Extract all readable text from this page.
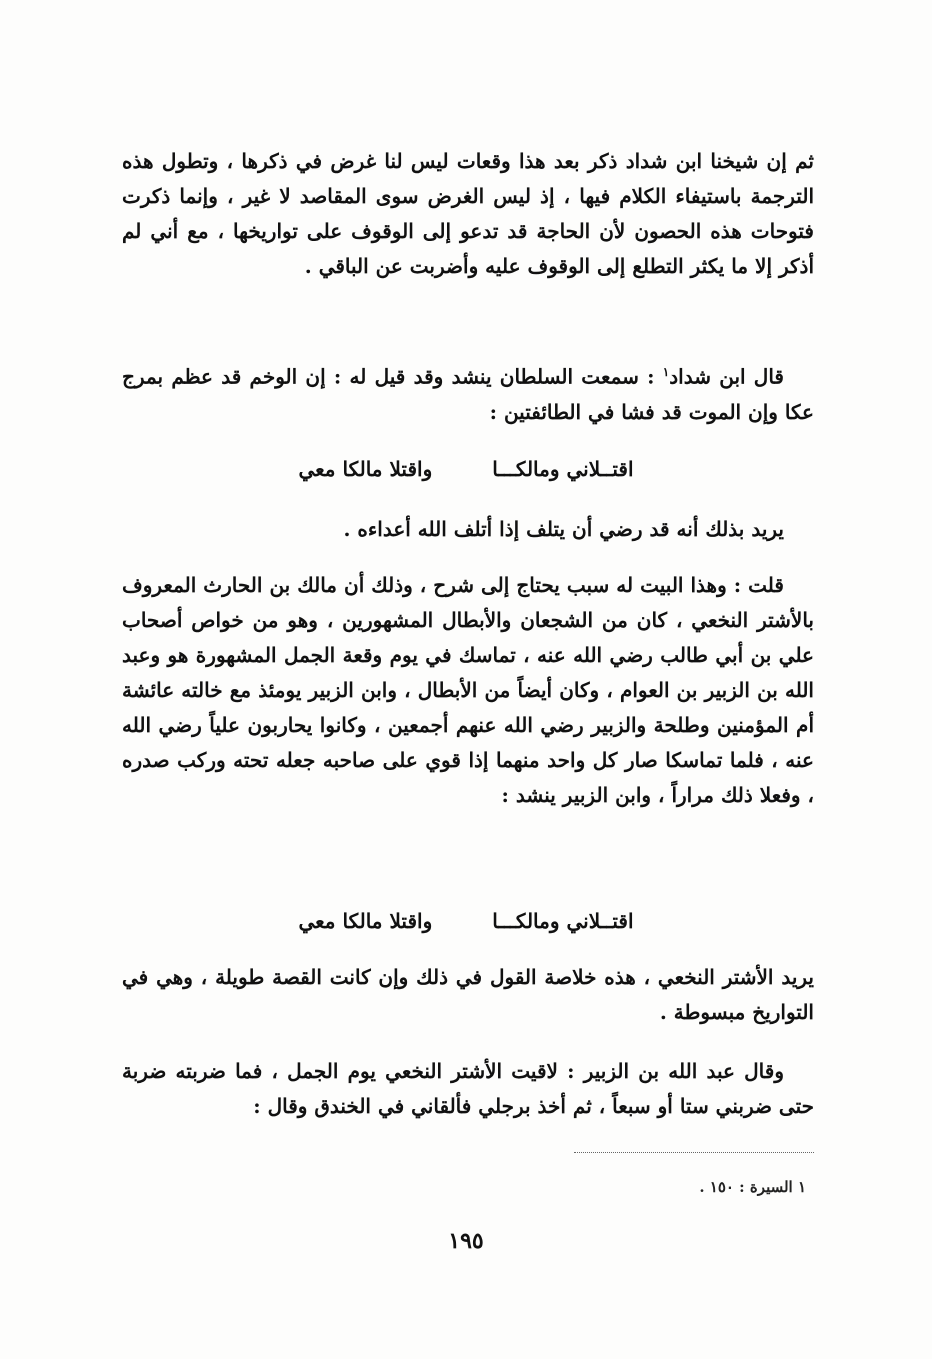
ثم إن شيخنا ابن شداد ذكر بعد هذا وقعات ليس لنا غرض في ذكرها ، وتطول هذه الترجمة باستيفاء الكلام فيها ، إذ ليس الغرض سوى المقاصد لا غير ، وإنما ذكرت فتوحات هذه الحصون لأن الحاجة قد تدعو إلى الوقوف على تواريخها ، مع أني لم أذكر إلا ما يكثر التطلع إلى الوقوف عليه وأضربت عن الباقي .
قال ابن شداد$^١$ : سمعت السلطان ينشد وقد قيل له : إن الوخم قد عظم بمرج عكا وإن الموت قد فشا في الطائفتين :
اقتــلاني ومالكـــا
واقتلا مالكا معي
يريد بذلك أنه قد رضي أن يتلف إذا أتلف الله أعداءه .
قلت : وهذا البيت له سبب يحتاج إلى شرح ، وذلك أن مالك بن الحارث المعروف بالأشتر النخعي ، كان من الشجعان والأبطال المشهورين ، وهو من خواص أصحاب علي بن أبي طالب رضي الله عنه ، تماسك في يوم وقعة الجمل المشهورة هو وعبد الله بن الزبير بن العوام ، وكان أيضاً من الأبطال ، وابن الزبير يومئذ مع خالته عائشة أم المؤمنين وطلحة والزبير رضي الله عنهم أجمعين ، وكانوا يحاربون علياً رضي الله عنه ، فلما تماسكا صار كل واحد منهما إذا قوي على صاحبه جعله تحته وركب صدره ، وفعلا ذلك مراراً ، وابن الزبير ينشد :
اقتــلاني ومالكـــا
واقتلا مالكا معي
يريد الأشتر النخعي ، هذه خلاصة القول في ذلك وإن كانت القصة طويلة ، وهي في التواريخ مبسوطة .
وقال عبد الله بن الزبير : لاقيت الأشتر النخعي يوم الجمل ، فما ضربته ضربة حتى ضربني ستا أو سبعاً ، ثم أخذ برجلي فألقاني في الخندق وقال :
١ السيرة : ١٥٠ .
١٩٥
